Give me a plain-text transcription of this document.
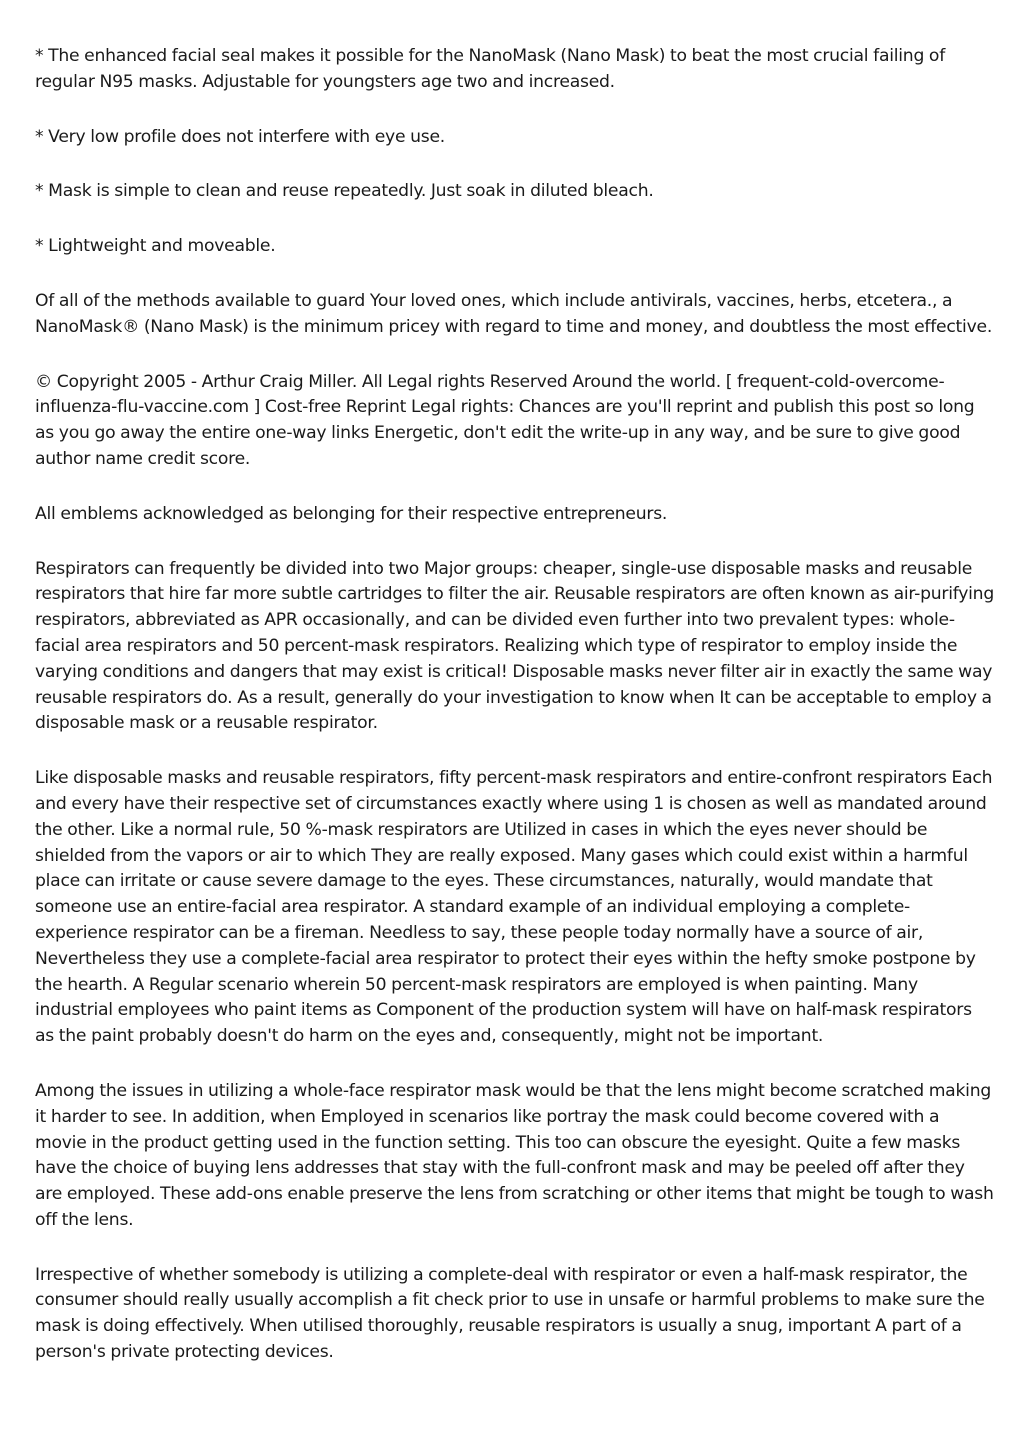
* The enhanced facial seal makes it possible for the NanoMask (Nano Mask) to beat the most crucial failing of regular N95 masks. Adjustable for youngsters age two and increased.

* Very low profile does not interfere with eye use.

* Mask is simple to clean and reuse repeatedly. Just soak in diluted bleach.

* Lightweight and moveable.

Of all of the methods available to guard Your loved ones, which include antivirals, vaccines, herbs, etcetera., a NanoMask® (Nano Mask) is the minimum pricey with regard to time and money, and doubtless the most effective.

© Copyright 2005 - Arthur Craig Miller. All Legal rights Reserved Around the world. [ frequent-cold-overcome-influenza-flu-vaccine.com ] Cost-free Reprint Legal rights: Chances are you'll reprint and publish this post so long as you go away the entire one-way links Energetic, don't edit the write-up in any way, and be sure to give good author name credit score.

All emblems acknowledged as belonging for their respective entrepreneurs.

Respirators can frequently be divided into two Major groups: cheaper, single-use disposable masks and reusable respirators that hire far more subtle cartridges to filter the air. Reusable respirators are often known as air-purifying respirators, abbreviated as APR occasionally, and can be divided even further into two prevalent types: whole-facial area respirators and 50 percent-mask respirators. Realizing which type of respirator to employ inside the varying conditions and dangers that may exist is critical! Disposable masks never filter air in exactly the same way reusable respirators do. As a result, generally do your investigation to know when It can be acceptable to employ a disposable mask or a reusable respirator.

Like disposable masks and reusable respirators, fifty percent-mask respirators and entire-confront respirators Each and every have their respective set of circumstances exactly where using 1 is chosen as well as mandated around the other. Like a normal rule, 50 %-mask respirators are Utilized in cases in which the eyes never should be shielded from the vapors or air to which They are really exposed. Many gases which could exist within a harmful place can irritate or cause severe damage to the eyes. These circumstances, naturally, would mandate that someone use an entire-facial area respirator. A standard example of an individual employing a complete-experience respirator can be a fireman. Needless to say, these people today normally have a source of air, Nevertheless they use a complete-facial area respirator to protect their eyes within the hefty smoke postpone by the hearth. A Regular scenario wherein 50 percent-mask respirators are employed is when painting. Many industrial employees who paint items as Component of the production system will have on half-mask respirators as the paint probably doesn't do harm on the eyes and, consequently, might not be important.

Among the issues in utilizing a whole-face respirator mask would be that the lens might become scratched making it harder to see. In addition, when Employed in scenarios like portray the mask could become covered with a movie in the product getting used in the function setting. This too can obscure the eyesight. Quite a few masks have the choice of buying lens addresses that stay with the full-confront mask and may be peeled off after they are employed. These add-ons enable preserve the lens from scratching or other items that might be tough to wash off the lens.

Irrespective of whether somebody is utilizing a complete-deal with respirator or even a half-mask respirator, the consumer should really usually accomplish a fit check prior to use in unsafe or harmful problems to make sure the mask is doing effectively. When utilised thoroughly, reusable respirators is usually a snug, important A part of a person's private protecting devices.
